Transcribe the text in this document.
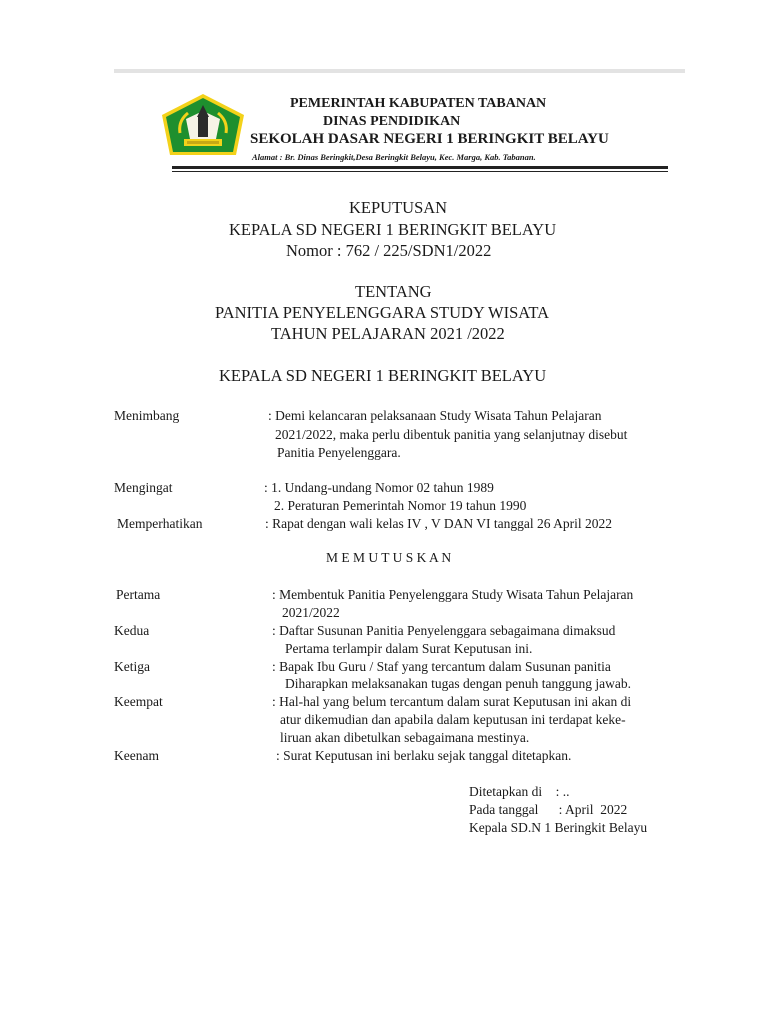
PEMERINTAH KABUPATEN TABANAN
DINAS PENDIDIKAN
SEKOLAH DASAR NEGERI 1 BERINGKIT BELAYU
Alamat : Br. Dinas Beringkit,Desa Beringkit Belayu, Kec. Marga, Kab. Tabanan.
KEPUTUSAN
KEPALA SD NEGERI 1 BERINGKIT BELAYU
Nomor : 762 / 225/SDN1/2022
TENTANG
PANITIA PENYELENGGARA STUDY WISATA
TAHUN PELAJARAN 2021 /2022
KEPALA SD NEGERI 1 BERINGKIT BELAYU
Menimbang	: Demi kelancaran pelaksanaan Study Wisata Tahun Pelajaran
2021/2022, maka perlu dibentuk panitia yang selanjutnay disebut
Panitia Penyelenggara.
Mengingat	: 1. Undang-undang Nomor 02 tahun 1989
2. Peraturan Pemerintah Nomor 19 tahun 1990
Memperhatikan	: Rapat dengan wali kelas IV , V DAN VI tanggal 26 April 2022
M E M U T U S K A N
Pertama	: Membentuk Panitia Penyelenggara Study Wisata Tahun Pelajaran
2021/2022
Kedua	: Daftar Susunan Panitia Penyelenggara sebagaimana dimaksud
Pertama terlampir dalam Surat Keputusan ini.
Ketiga	: Bapak Ibu Guru / Staf yang tercantum dalam Susunan panitia
Diharapkan melaksanakan tugas dengan penuh tanggung jawab.
Keempat	: Hal-hal yang belum tercantum dalam surat Keputusan ini akan di
atur dikemudian dan apabila dalam keputusan ini terdapat keke-
liruan akan dibetulkan sebagaimana mestinya.
Keenam	: Surat Keputusan ini berlaku sejak tanggal ditetapkan.
Ditetapkan di    : ..
Pada tanggal      : April  2022
Kepala SD.N 1 Beringkit Belayu
